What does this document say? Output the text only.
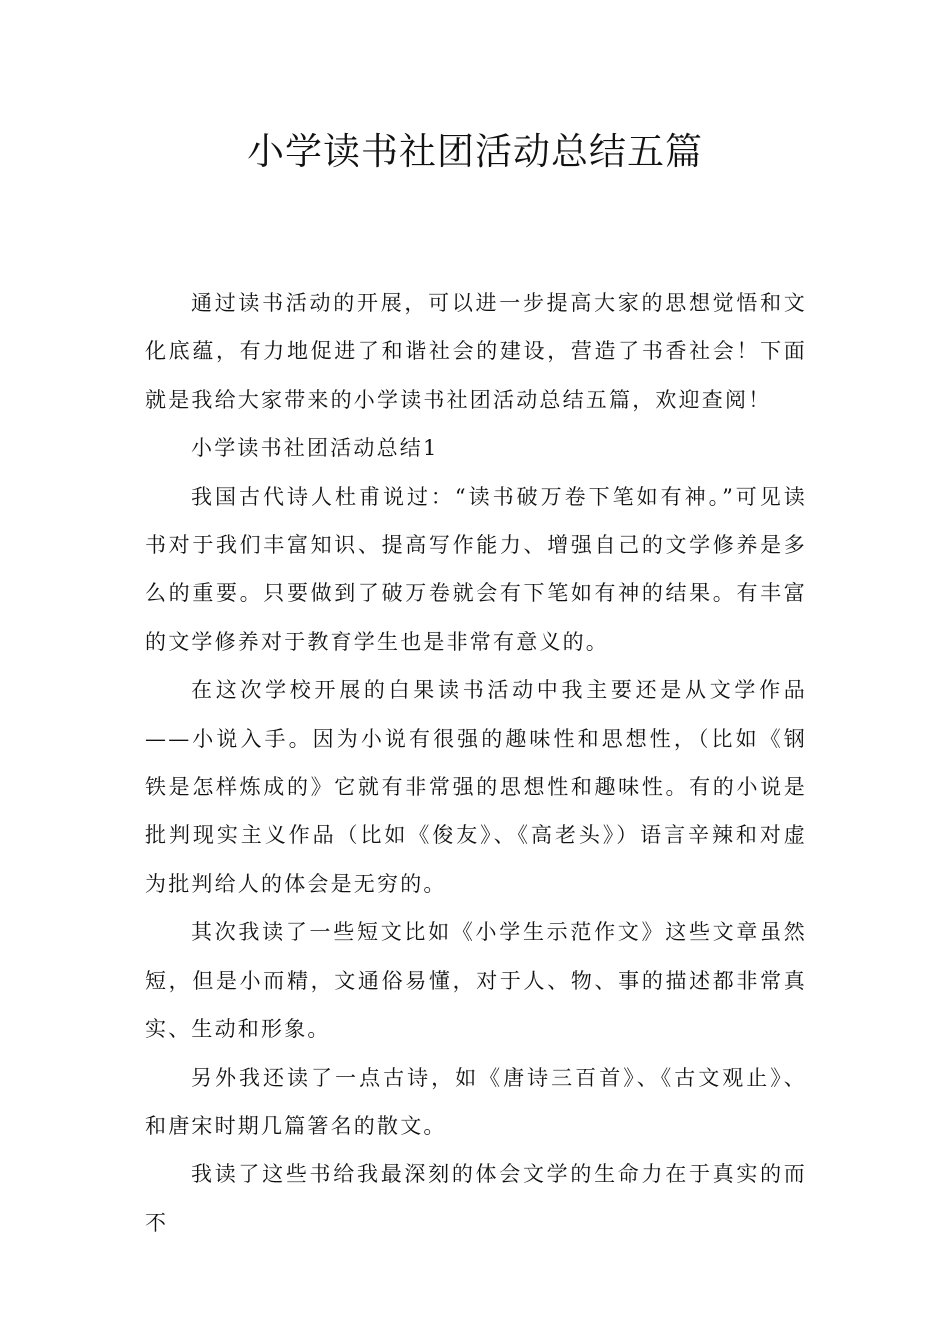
小学读书社团活动总结五篇

通过读书活动的开展，可以进一步提高大家的思想觉悟和文化底蕴，有力地促进了和谐社会的建设，营造了书香社会！下面就是我给大家带来的小学读书社团活动总结五篇，欢迎查阅！

小学读书社团活动总结1

我国古代诗人杜甫说过：“读书破万卷下笔如有神。”可见读书对于我们丰富知识、提高写作能力、增强自己的文学修养是多么的重要。只要做到了破万卷就会有下笔如有神的结果。有丰富的文学修养对于教育学生也是非常有意义的。

在这次学校开展的白果读书活动中我主要还是从文学作品——小说入手。因为小说有很强的趣味性和思想性，（比如《钢铁是怎样炼成的》它就有非常强的思想性和趣味性。有的小说是批判现实主义作品（比如《俊友》、《高老头》）语言辛辣和对虚为批判给人的体会是无穷的。

其次我读了一些短文比如《小学生示范作文》这些文章虽然短，但是小而精，文通俗易懂，对于人、物、事的描述都非常真实、生动和形象。

另外我还读了一点古诗，如《唐诗三百首》、《古文观止》、和唐宋时期几篇箸名的散文。

我读了这些书给我最深刻的体会文学的生命力在于真实的而不
